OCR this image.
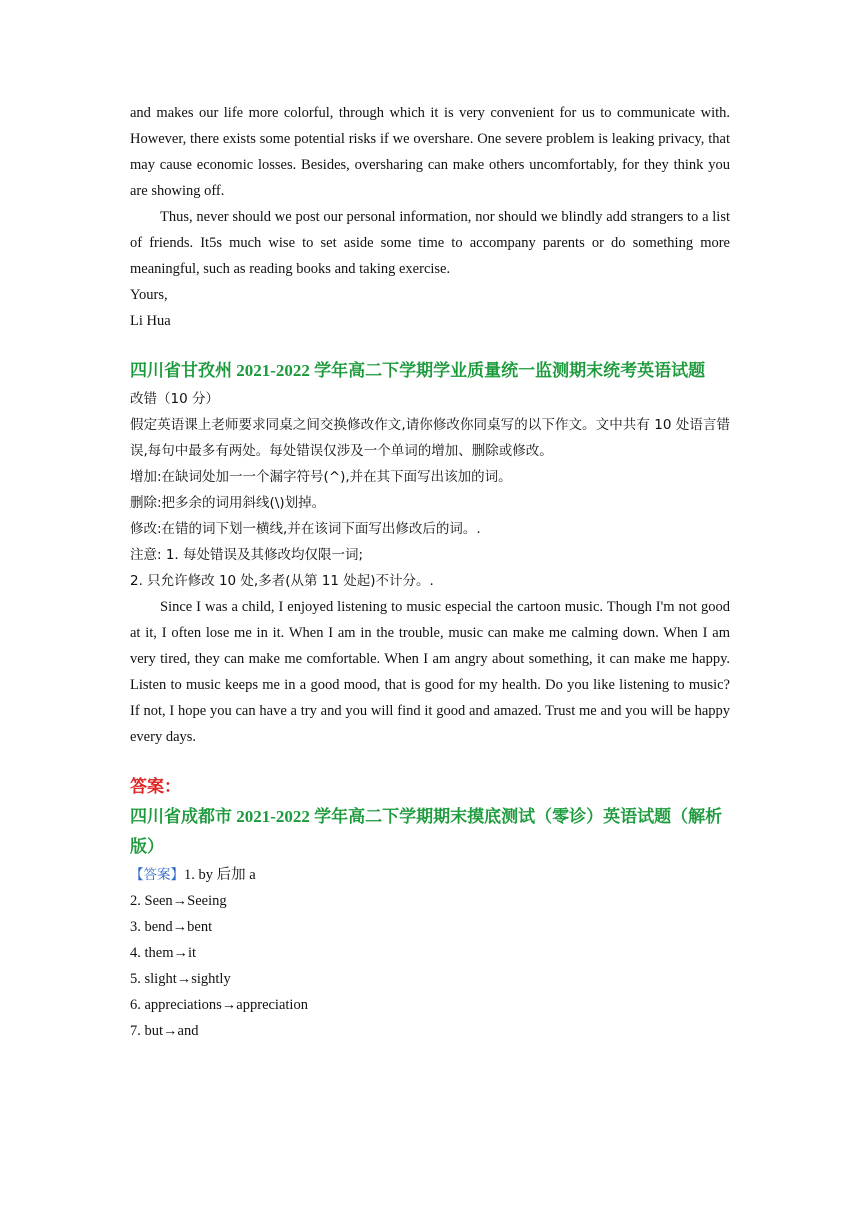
and makes our life more colorful, through which it is very convenient for us to communicate with. However, there exists some potential risks if we overshare. One severe problem is leaking privacy, that may cause economic losses. Besides, oversharing can make others uncomfortably, for they think you are showing off.

Thus, never should we post our personal information, nor should we blindly add strangers to a list of friends. It5s much wise to set aside some time to accompany parents or do something more meaningful, such as reading books and taking exercise.

Yours,

Li Hua

四川省甘孜州 2021-2022 学年高二下学期学业质量统一监测期末统考英语试题

改错（10 分）

假定英语课上老师要求同桌之间交换修改作文,请你修改你同桌写的以下作文。文中共有 10 处语言错误,每句中最多有两处。每处错误仅涉及一个单词的增加、删除或修改。

增加:在缺词处加一一个漏字符号(^),并在其下面写出该加的词。

删除:把多余的词用斜线(\)划掉。

修改:在错的词下划一横线,并在该词下面写出修改后的词。.

注意: 1. 每处错误及其修改均仅限一词;

2. 只允许修改 10 处,多者(从第 11 处起)不计分。.

Since I was a child, I enjoyed listening to music especial the cartoon music. Though I'm not good at it, I often lose me in it. When I am in the trouble, music can make me calming down. When I am very tired, they can make me comfortable. When I am angry about something, it can make me happy. Listen to music keeps me in a good mood, that is good for my health. Do you like listening to music? If not, I hope you can have a try and you will find it good and amazed. Trust me and you will be happy every days.

答案：

四川省成都市 2021-2022 学年高二下学期期末摸底测试（零诊）英语试题（解析版）

【答案】1. by 后加 a

2. Seen→Seeing

3. bend→bent

4. them→it

5. slight→sightly

6. appreciations→appreciation

7. but→and
